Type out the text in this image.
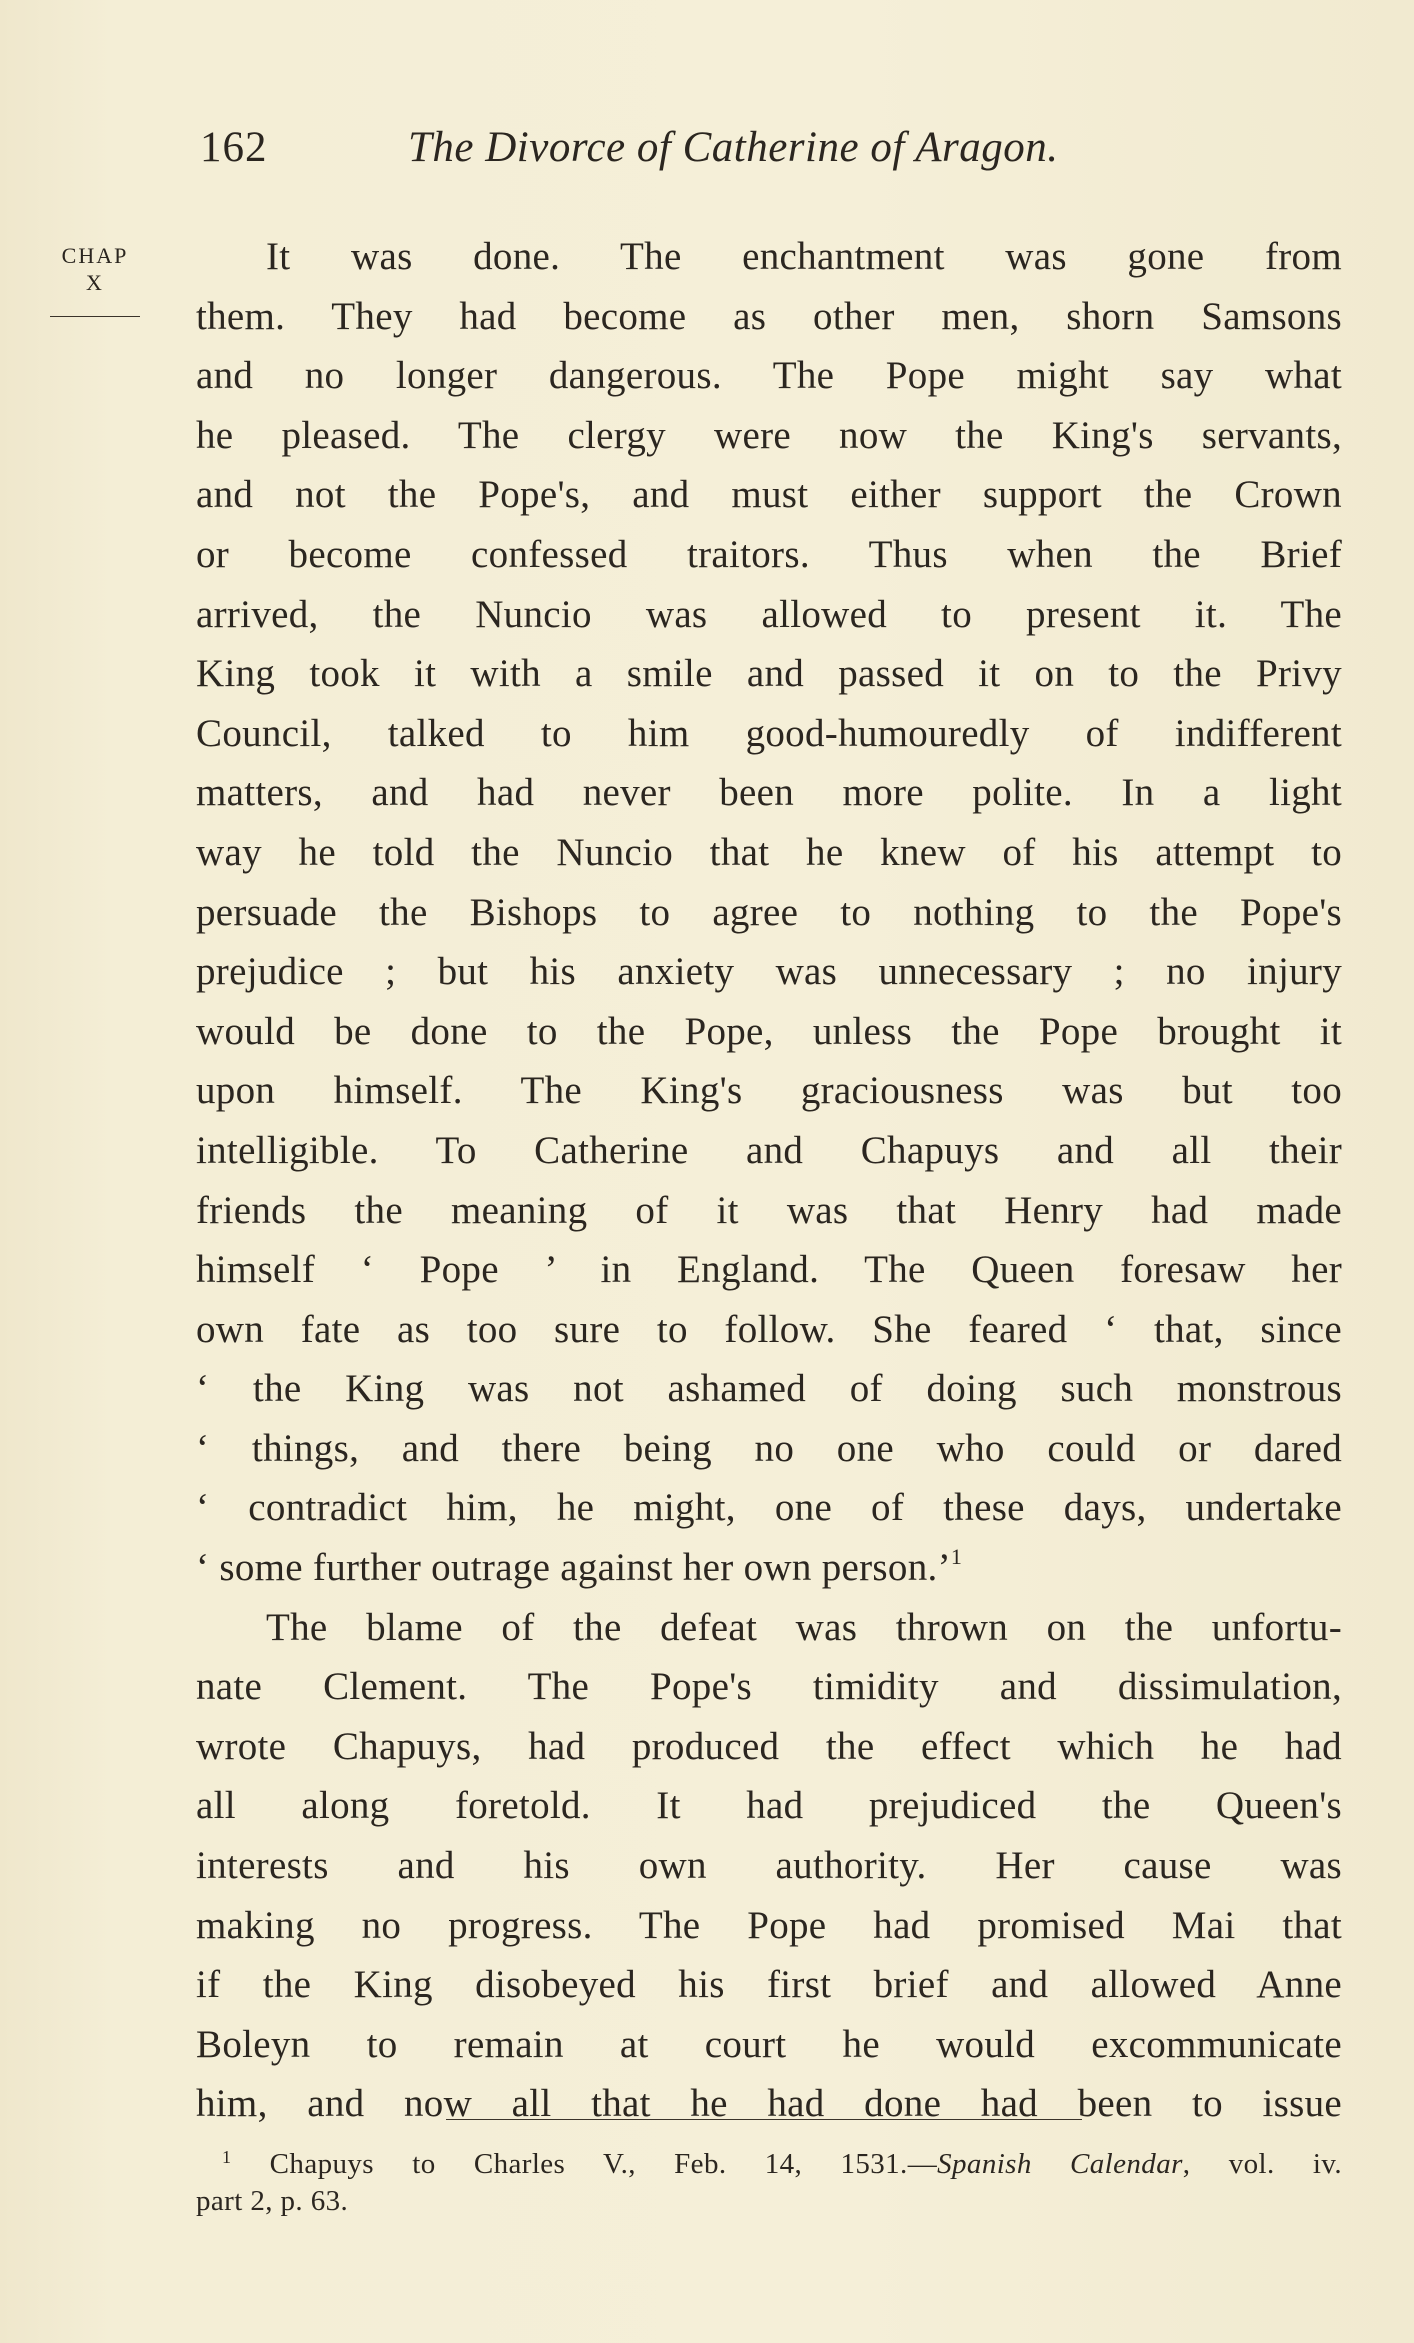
162	The Divorce of Catherine of Aragon.
CHAP
X
It was done. The enchantment was gone from
them. They had become as other men, shorn Samsons
and no longer dangerous. The Pope might say what
he pleased. The clergy were now the King's servants,
and not the Pope's, and must either support the Crown
or become confessed traitors. Thus when the Brief
arrived, the Nuncio was allowed to present it. The
King took it with a smile and passed it on to the Privy
Council, talked to him good-humouredly of indifferent
matters, and had never been more polite. In a light
way he told the Nuncio that he knew of his attempt to
persuade the Bishops to agree to nothing to the Pope's
prejudice ; but his anxiety was unnecessary ; no injury
would be done to the Pope, unless the Pope brought it
upon himself. The King's graciousness was but too
intelligible. To Catherine and Chapuys and all their
friends the meaning of it was that Henry had made
himself ‘ Pope ’ in England. The Queen foresaw her
own fate as too sure to follow. She feared ‘ that, since
‘ the King was not ashamed of doing such monstrous
‘ things, and there being no one who could or dared
‘ contradict him, he might, one of these days, undertake
‘ some further outrage against her own person.’$^1$
The blame of the defeat was thrown on the unfortu-
nate Clement. The Pope's timidity and dissimulation,
wrote Chapuys, had produced the effect which he had
all along foretold. It had prejudiced the Queen's
interests and his own authority. Her cause was
making no progress. The Pope had promised Mai that
if the King disobeyed his first brief and allowed Anne
Boleyn to remain at court he would excommunicate
him, and now all that he had done had been to issue
$^1$ Chapuys to Charles V., Feb. 14, 1531.—Spanish Calendar, vol. iv.
part 2, p. 63.
